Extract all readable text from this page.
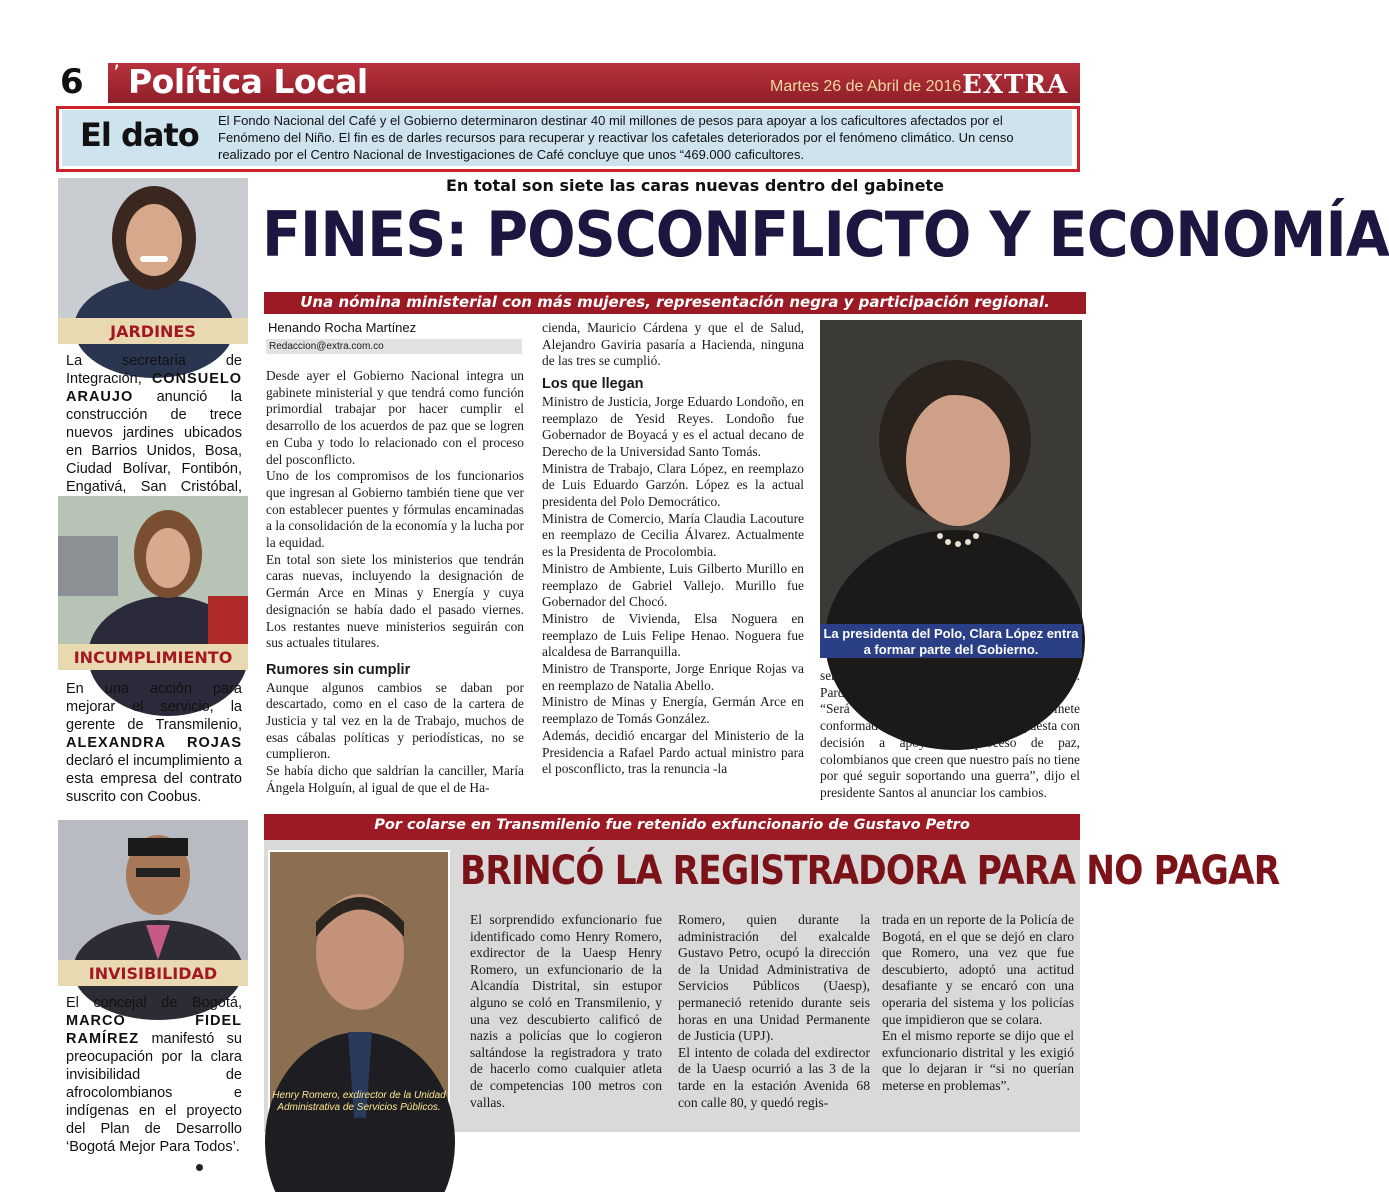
6 ’ Política Local	Martes 26 de Abril de 2016 EXTRA
El dato El Fondo Nacional del Café y el Gobierno determinaron destinar 40 mil millones de pesos para apoyar a los caficultores afectados por el Fenómeno del Niño. El fin es de darles recursos para recuperar y reactivar los cafetales deteriorados por el fenómeno climático. Un censo realizado por el Centro Nacional de Investigaciones de Café concluye que unos “469.000 caficultores.
JARDINES
La secretaria de Integración, CONSUELO ARAUJO anunció la construcción de trece nuevos jardines ubicados en Barrios Unidos, Bosa, Ciudad Bolívar, Fontibón, Engativá, San Cristóbal,
INCUMPLIMIENTO
En una acción para mejorar el servicio, la gerente de Transmilenio, ALEXANDRA ROJAS declaró el incumplimiento a esta empresa del contrato suscrito con Coobus.
INVISIBILIDAD
El concejal de Bogotá, MARCO FIDEL RAMÍREZ manifestó su preocupación por la clara invisibilidad de afrocolombianos e indígenas en el proyecto del Plan de Desarrollo ‘Bogotá Mejor Para Todos’.
En total son siete las caras nuevas dentro del gabinete
FINES: POSCONFLICTO Y ECONOMÍA
Una nómina ministerial con más mujeres, representación negra y participación regional.
Henando Rocha Martínez
Redaccion@extra.com.co

Desde ayer el Gobierno Nacional integra un gabinete ministerial y que tendrá como función primordial trabajar por hacer cumplir el desarrollo de los acuerdos de paz que se logren en Cuba y todo lo relacionado con el proceso del posconflicto.

Uno de los compromisos de los funcionarios que ingresan al Gobierno también tiene que ver con establecer puentes y fórmulas encaminadas a la consolidación de la economía y la lucha por la equidad.

En total son siete los ministerios que tendrán caras nuevas, incluyendo la designación de Germán Arce en Minas y Energía y cuya designación se había dado el pasado viernes. Los restantes nueve ministerios seguirán con sus actuales titulares.

Rumores sin cumplir

Aunque algunos cambios se daban por descartado, como en el caso de la cartera de Justicia y tal vez en la de Trabajo, muchos de esas cábalas políticas y periodísticas, no se cumplieron.

Se había dicho que saldrían la canciller, María Ángela Holguín, al igual de que el de Ha-

cienda, Mauricio Cárdena y que el de Salud, Alejandro Gaviria pasaría a Hacienda, ninguna de las tres se cumplió.

Los que llegan

Ministro de Justicia, Jorge Eduardo Londoño, en reemplazo de Yesid Reyes. Londoño fue Gobernador de Boyacá y es el actual decano de Derecho de la Universidad Santo Tomás.

Ministra de Trabajo, Clara López, en reemplazo de Luis Eduardo Garzón. López es la actual presidenta del Polo Democrático.

Ministra de Comercio, María Claudia Lacouture en reemplazo de Cecilia Álvarez. Actualmente es la Presidenta de Procolombia.

Ministro de Ambiente, Luis Gilberto Murillo en reemplazo de Gabriel Vallejo. Murillo fue Gobernador del Chocó.

Ministro de Vivienda, Elsa Noguera en reemplazo de Luis Felipe Henao. Noguera fue alcaldesa de Barranquilla.

Ministro de Transporte, Jorge Enrique Rojas va en reemplazo de Natalia Abello.

Ministro de Minas y Energía, Germán Arce en reemplazo de Tomás González.

Además, decidió encargar del Ministerio de la Presidencia a Rafael Pardo actual ministro para el posconflicto, tras la renuncia -la

La presidenta del Polo, Clara López entra a formar parte del Gobierno.

semana pasada- de María Lorena Gutiérrez. Pardo mantendrá los dos cargos.

“Será el gabinete de la paz, un gabinete conformado por colombianos que le apuesta con decisión a apoyar el proceso de paz, colombianos que creen que nuestro país no tiene por qué seguir soportando una guerra”, dijo el presidente Santos al anunciar los cambios.

Por colarse en Transmilenio fue retenido exfuncionario de Gustavo Petro
BRINCÓ LA REGISTRADORA PARA NO PAGAR
Henry Romero, exdirector de la Unidad Administrativa de Servicios Públicos.

El sorprendido exfuncionario fue identificado como Henry Romero, exdirector de la Uaesp Henry Romero, un exfuncionario de la Alcandía Distrital, sin estupor alguno se coló en Transmilenio, y una vez descubierto calificó de nazis a policías que lo cogieron saltándose la registradora y trato de hacerlo como cualquier atleta de competencias 100 metros con vallas.

Romero, quien durante la administración del exalcalde Gustavo Petro, ocupó la dirección de la Unidad Administrativa de Servicios Públicos (Uaesp), permaneció retenido durante seis horas en una Unidad Permanente de Justicia (UPJ).

El intento de colada del exdirector de la Uaesp ocurrió a las 3 de la tarde en la estación Avenida 68 con calle 80, y quedó regis-

trada en un reporte de la Policía de Bogotá, en el que se dejó en claro que Romero, una vez que fue descubierto, adoptó una actitud desafiante y se encaró con una operaria del sistema y los policías que impidieron que se colara.

En el mismo reporte se dijo que el exfuncionario distrital y les exigió que lo dejaran ir “si no querían meterse en problemas”.
